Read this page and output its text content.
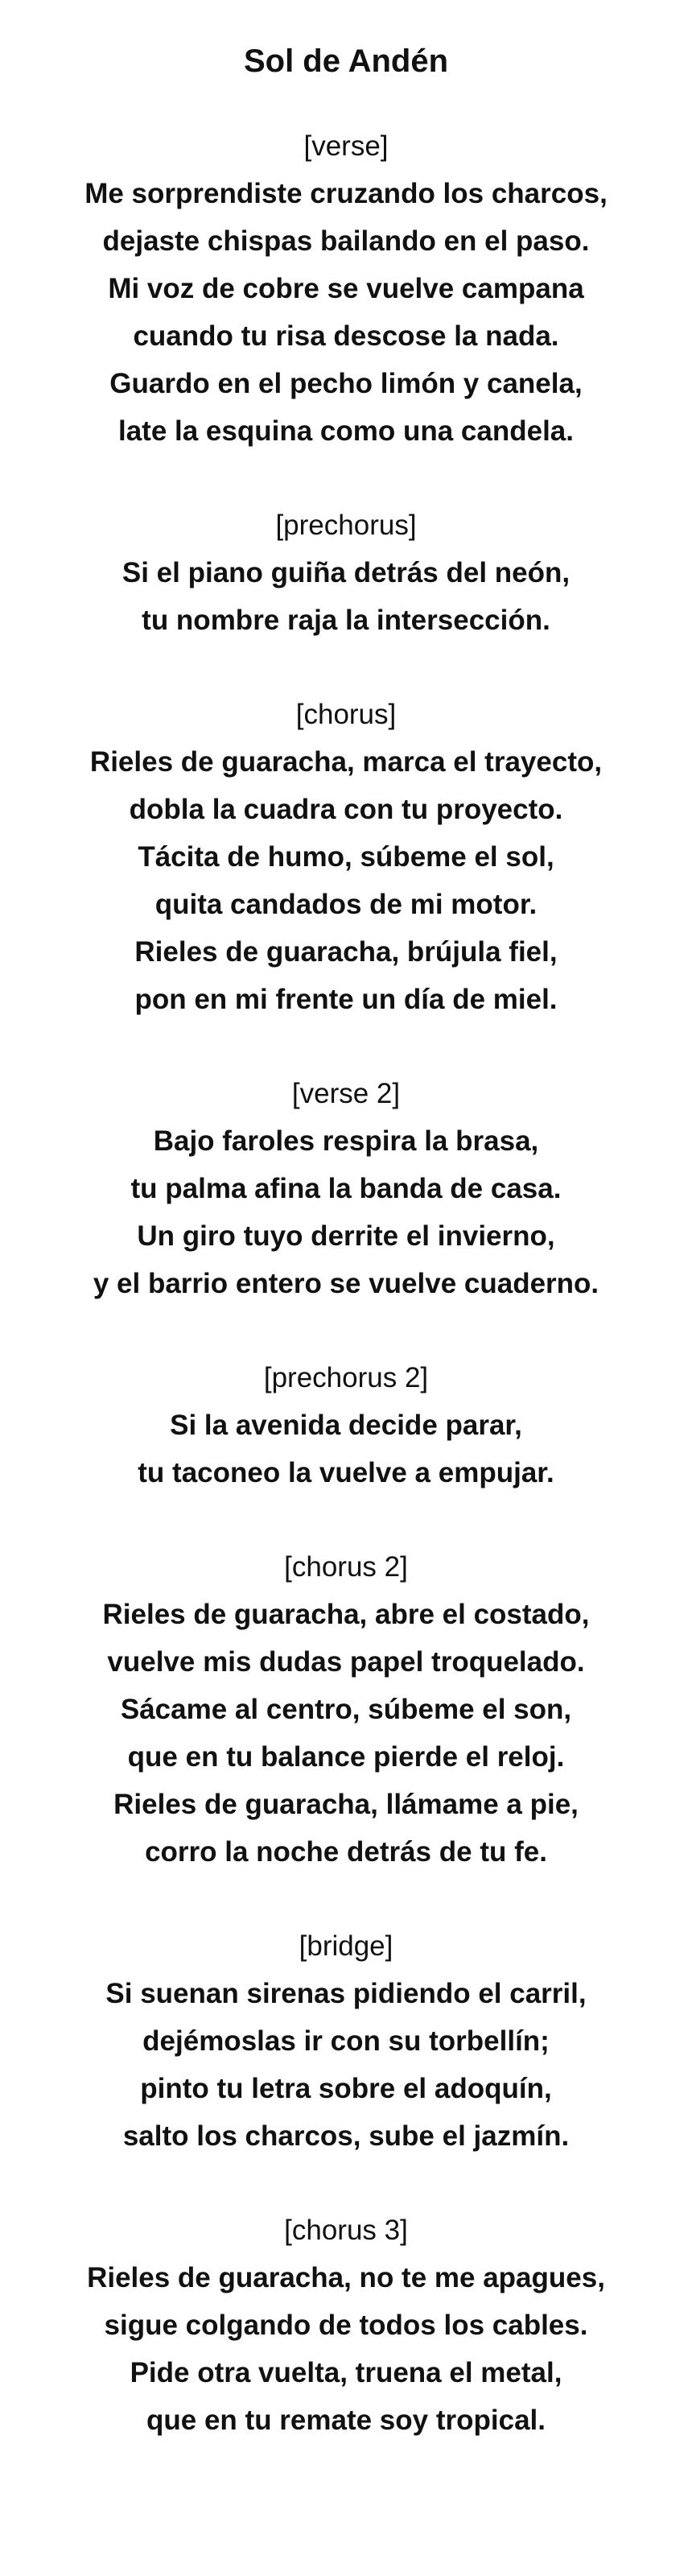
Sol de Andén
[verse]
Me sorprendiste cruzando los charcos,
dejaste chispas bailando en el paso.
Mi voz de cobre se vuelve campana
cuando tu risa descose la nada.
Guardo en el pecho limón y canela,
late la esquina como una candela.
[prechorus]
Si el piano guiña detrás del neón,
tu nombre raja la intersección.
[chorus]
Rieles de guaracha, marca el trayecto,
dobla la cuadra con tu proyecto.
Tácita de humo, súbeme el sol,
quita candados de mi motor.
Rieles de guaracha, brújula fiel,
pon en mi frente un día de miel.
[verse 2]
Bajo faroles respira la brasa,
tu palma afina la banda de casa.
Un giro tuyo derrite el invierno,
y el barrio entero se vuelve cuaderno.
[prechorus 2]
Si la avenida decide parar,
tu taconeo la vuelve a empujar.
[chorus 2]
Rieles de guaracha, abre el costado,
vuelve mis dudas papel troquelado.
Sácame al centro, súbeme el son,
que en tu balance pierde el reloj.
Rieles de guaracha, llámame a pie,
corro la noche detrás de tu fe.
[bridge]
Si suenan sirenas pidiendo el carril,
dejémoslas ir con su torbellín;
pinto tu letra sobre el adoquín,
salto los charcos, sube el jazmín.
[chorus 3]
Rieles de guaracha, no te me apagues,
sigue colgando de todos los cables.
Pide otra vuelta, truena el metal,
que en tu remate soy tropical.
